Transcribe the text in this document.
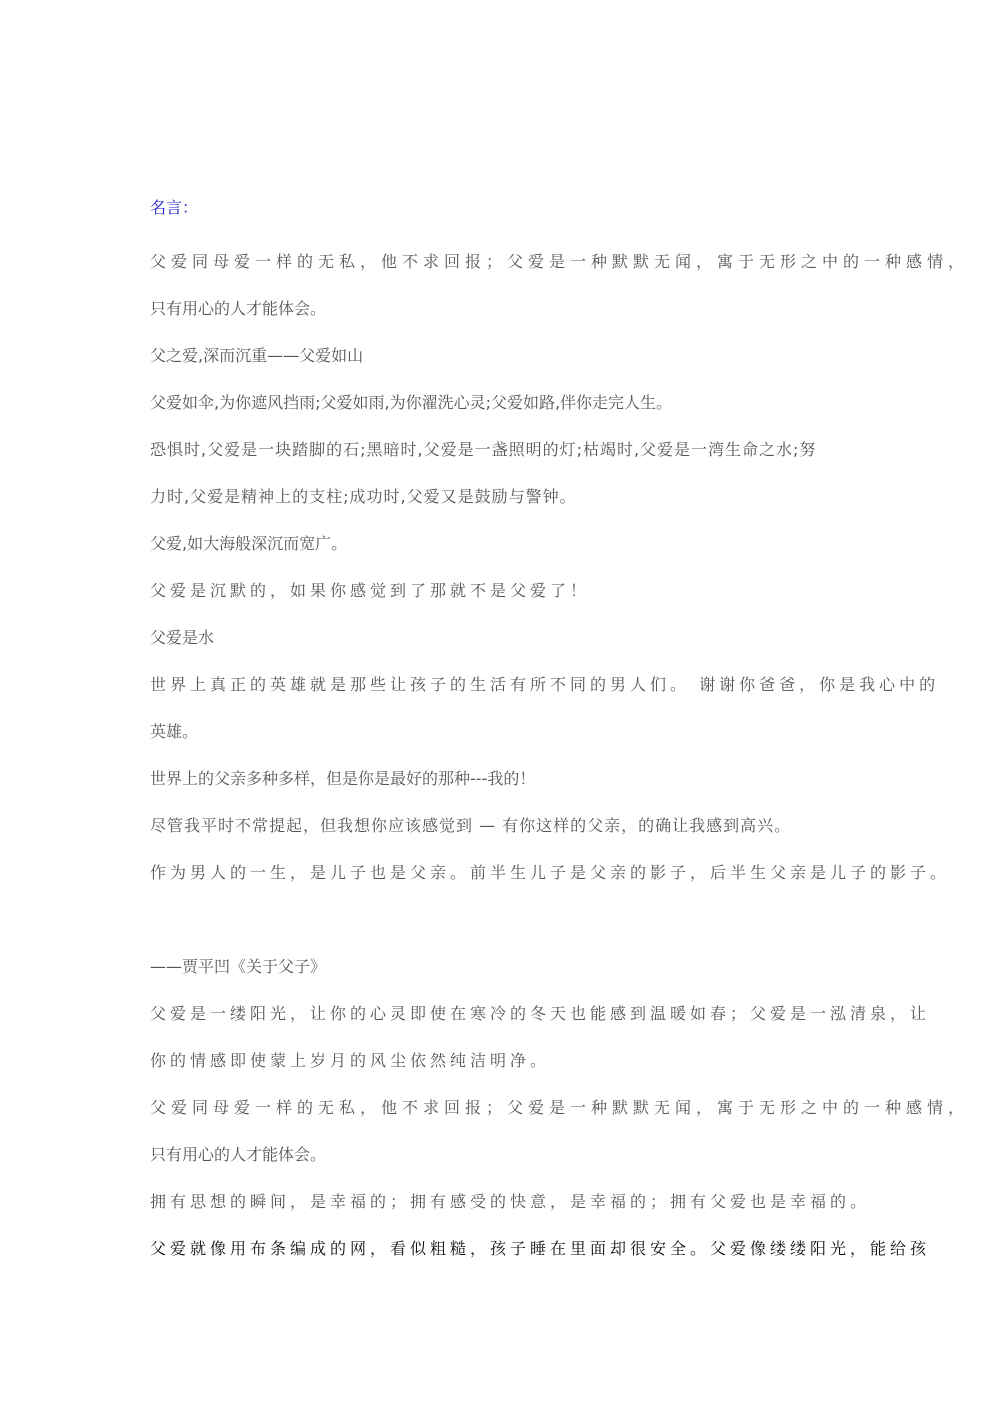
名言：
父爱同母爱一样的无私，他不求回报；父爱是一种默默无闻，寓于无形之中的一种感情，
只有用心的人才能体会。
父之爱,深而沉重——父爱如山
父爱如伞,为你遮风挡雨;父爱如雨,为你濯洗心灵;父爱如路,伴你走完人生。
恐惧时,父爱是一块踏脚的石;黑暗时,父爱是一盏照明的灯;枯竭时,父爱是一湾生命之水;努
力时,父爱是精神上的支柱;成功时,父爱又是鼓励与警钟。
父爱,如大海般深沉而宽广。
父爱是沉默的，如果你感觉到了那就不是父爱了！
父爱是水
世界上真正的英雄就是那些让孩子的生活有所不同的男人们。 谢谢你爸爸，你是我心中的
英雄。
世界上的父亲多种多样，但是你是最好的那种---我的！
尽管我平时不常提起，但我想你应该感觉到 — 有你这样的父亲，的确让我感到高兴。
作为男人的一生，是儿子也是父亲。前半生儿子是父亲的影子，后半生父亲是儿子的影子。
——贾平凹《关于父子》
父爱是一缕阳光，让你的心灵即使在寒冷的冬天也能感到温暖如春；父爱是一泓清泉，让
你的情感即使蒙上岁月的风尘依然纯洁明净。
父爱同母爱一样的无私，他不求回报；父爱是一种默默无闻，寓于无形之中的一种感情，
只有用心的人才能体会。
拥有思想的瞬间，是幸福的；拥有感受的快意，是幸福的；拥有父爱也是幸福的。
父爱就像用布条编成的网，看似粗糙，孩子睡在里面却很安全。父爱像缕缕阳光，能给孩
